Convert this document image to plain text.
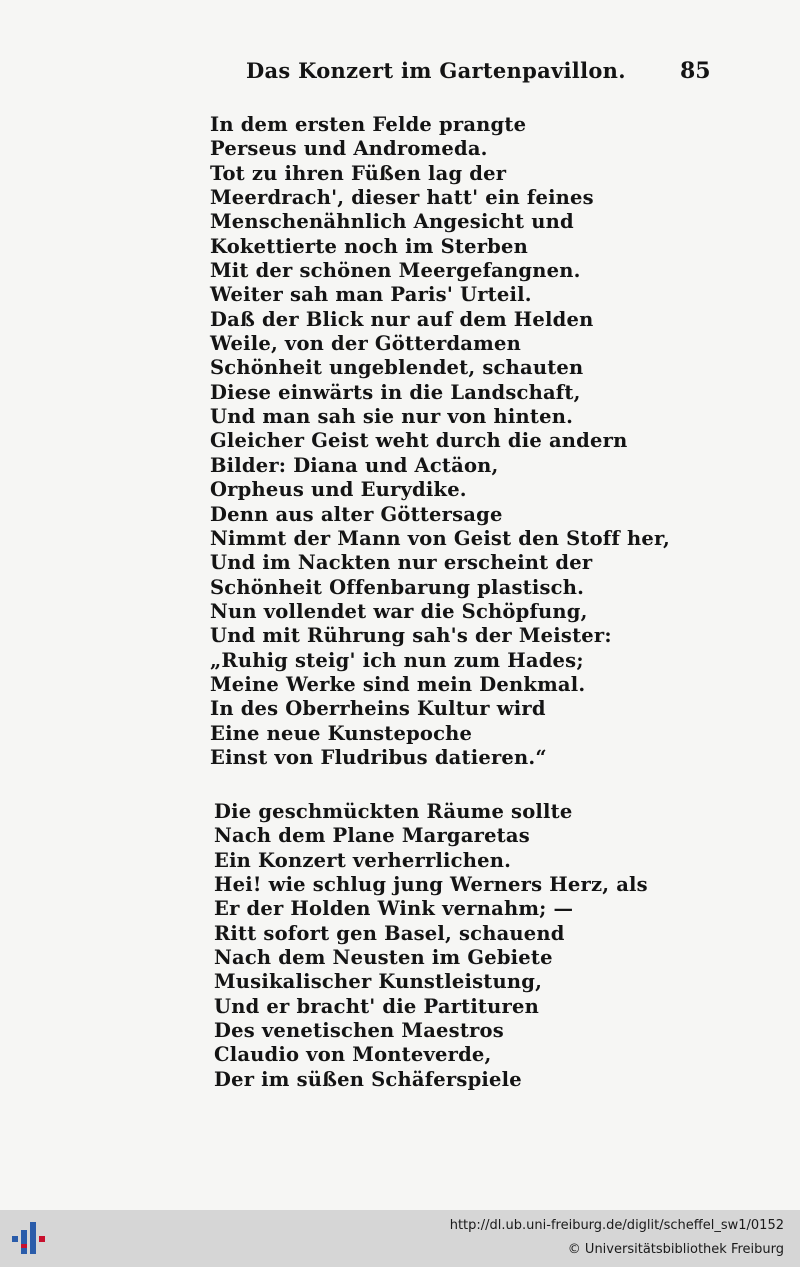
Das Konzert im Gartenpavillon. 85
In dem ersten Felde prangte
Perseus und Andromeda.
Tot zu ihren Füßen lag der
Meerdrach', dieser hatt' ein feines
Menschenähnlich Angesicht und
Kokettierte noch im Sterben
Mit der schönen Meergefangnen.
Weiter sah man Paris' Urteil.
Daß der Blick nur auf dem Helden
Weile, von der Götterdamen
Schönheit ungeblendet, schauten
Diese einwärts in die Landschaft,
Und man sah sie nur von hinten.
Gleicher Geist weht durch die andern
Bilder: Diana und Actäon,
Orpheus und Eurydike.
Denn aus alter Göttersage
Nimmt der Mann von Geist den Stoff her,
Und im Nackten nur erscheint der
Schönheit Offenbarung plastisch.
Nun vollendet war die Schöpfung,
Und mit Rührung sah's der Meister:
„Ruhig steig' ich nun zum Hades;
Meine Werke sind mein Denkmal.
In des Oberrheins Kultur wird
Eine neue Kunstepoche
Einst von Fludribus datieren.“
Die geschmückten Räume sollte
Nach dem Plane Margaretas
Ein Konzert verherrlichen.
Hei! wie schlug jung Werners Herz, als
Er der Holden Wink vernahm; —
Ritt sofort gen Basel, schauend
Nach dem Neusten im Gebiete
Musikalischer Kunstleistung,
Und er bracht' die Partituren
Des venetischen Maestros
Claudio von Monteverde,
Der im süßen Schäferspiele
http://dl.ub.uni-freiburg.de/diglit/scheffel_sw1/0152
© Universitätsbibliothek Freiburg
